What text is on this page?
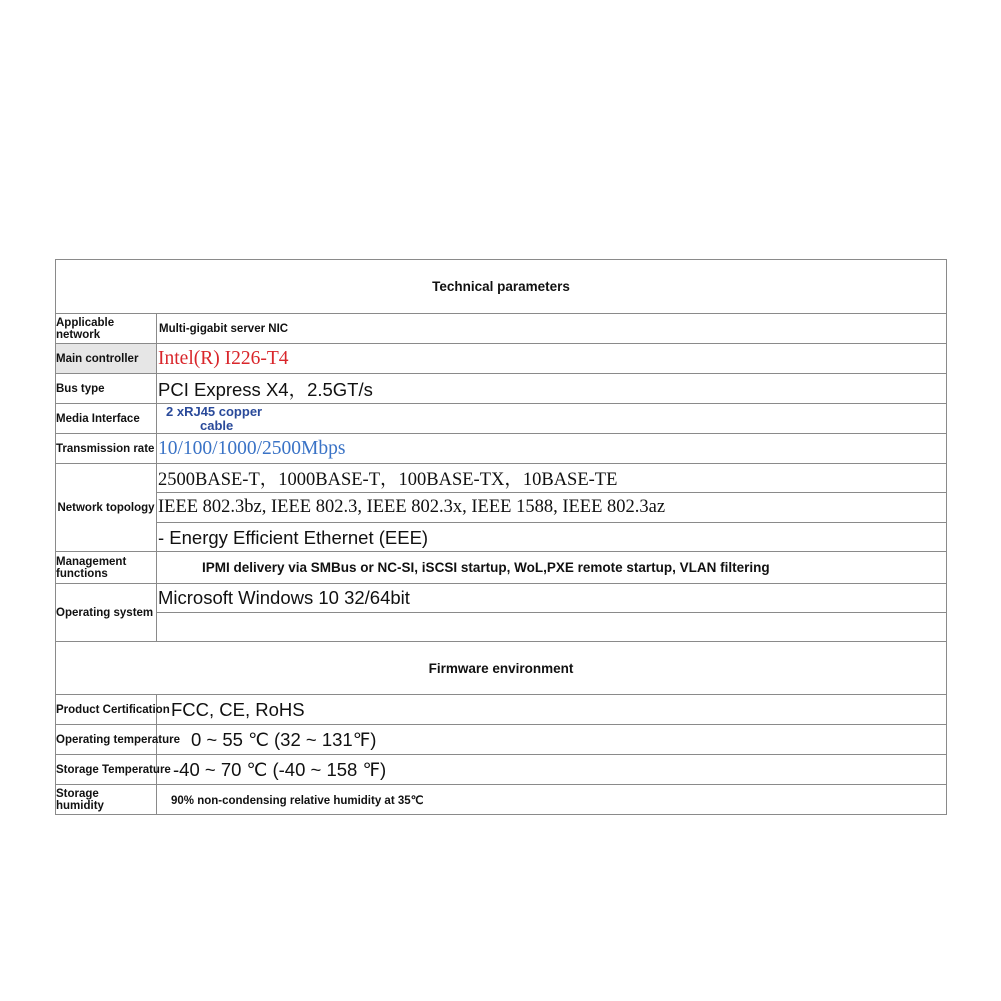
Technical parameters
Applicable
network	Multi-gigabit server NIC
Main controller	Intel(R) I226-T4
Bus type	PCI Express X4，2.5GT/s
Media Interface	2 xRJ45 copper
cable
Transmission rate 10/100/1000/2500Mbps
Network topology
2500BASE-T，1000BASE-T，100BASE-TX，10BASE-TE
IEEE 802.3bz, IEEE 802.3, IEEE 802.3x, IEEE 1588, IEEE 802.3az
- Energy Efficient Ethernet (EEE)
Management
functions	IPMI delivery via SMBus or NC-SI, iSCSI startup, WoL,PXE remote startup, VLAN filtering
Operating system
Microsoft Windows 10 32/64bit
Firmware environment
Product Certification FCC, CE, RoHS
Operating temperature 0 ~ 55 ℃ (32 ~ 131℉)
Storage Temperature -40 ~ 70 ℃ (-40 ~ 158 ℉)
Storage
humidity	90% non-condensing relative humidity at 35℃
